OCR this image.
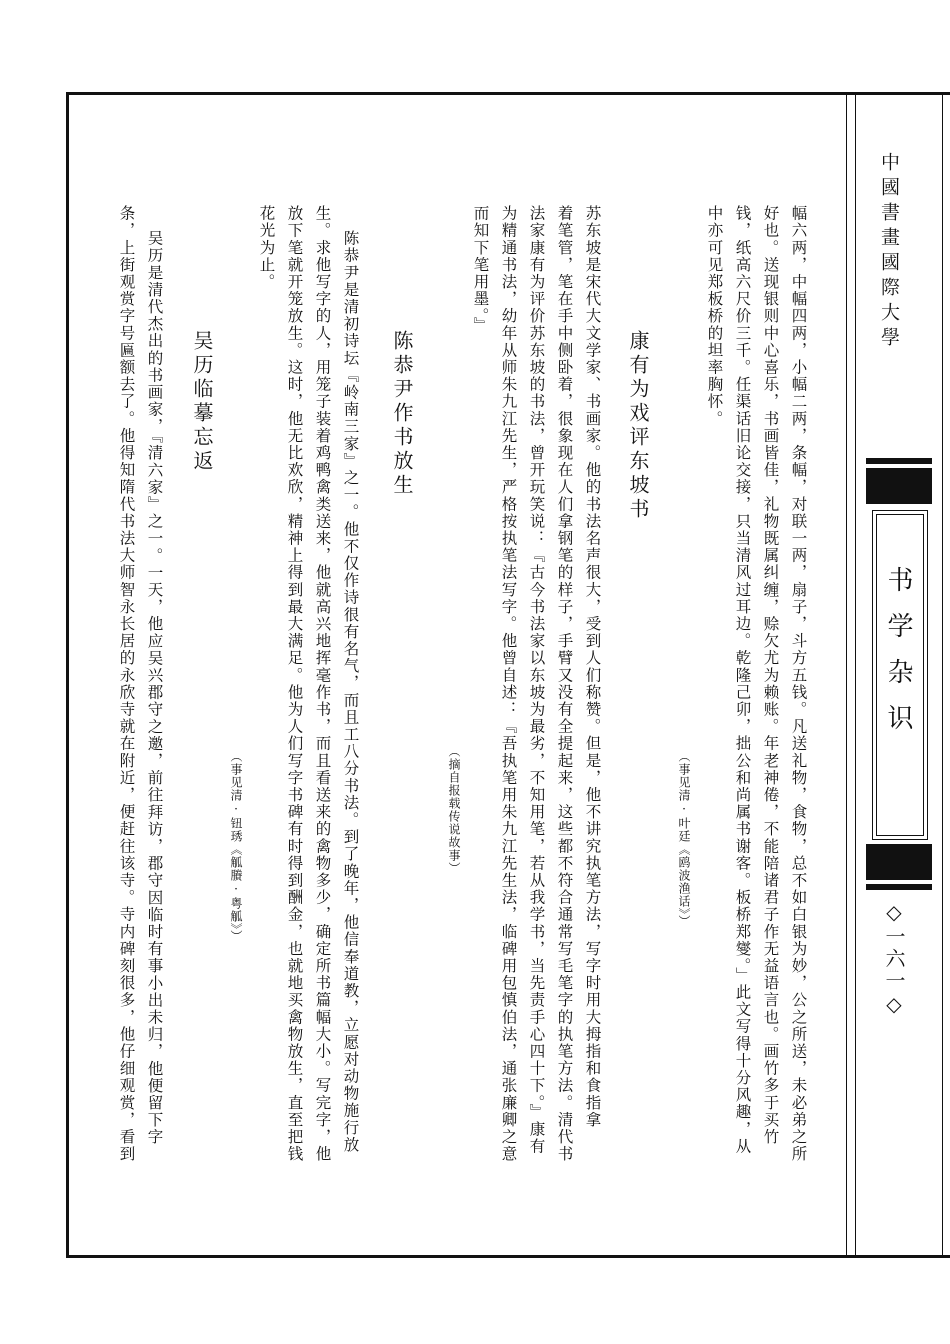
中國書畫國際大學
书学杂识
◇一六一◇
幅六两，中幅四两，小幅二两，条幅，对联一两，扇子，斗方五钱。凡送礼物，食物，总不如白银为妙，公之所送，未必弟之所
好也。送现银则中心喜乐，书画皆佳，礼物既属纠缠，赊欠尤为赖账。年老神倦，不能陪诸君子作无益语言也。画竹多于买竹
钱，纸高六尺价三千。任渠话旧论交接，只当清风过耳边。乾隆己卯，拙公和尚属书谢客。板桥郑燮。」此文写得十分风趣，从
中亦可见郑板桥的坦率胸怀。
（事见清·叶廷《鸥波渔话》）
康有为戏评东坡书
苏东坡是宋代大文学家、书画家。他的书法名声很大，受到人们称赞。但是，他不讲究执笔方法，写字时用大拇指和食指拿
着笔管，笔在手中侧卧着，很象现在人们拿钢笔的样子，手臂又没有全提起来，这些都不符合通常写毛笔字的执笔方法。清代书
法家康有为评价苏东坡的书法，曾开玩笑说：『古今书法家以东坡为最劣，不知用笔，若从我学书，当先责手心四十下。』康有
为精通书法，幼年从师朱九江先生，严格按执笔法写字。他曾自述：『吾执笔用朱九江先生法，临碑用包慎伯法，通张廉卿之意
而知下笔用墨。』
（摘自报载传说故事）
陈恭尹作书放生
陈恭尹是清初诗坛『岭南三家』之一。他不仅作诗很有名气，而且工八分书法。到了晚年，他信奉道教，立愿对动物施行放
生。求他写字的人，用笼子装着鸡鸭禽类送来，他就高兴地挥毫作书，而且看送来的禽物多少，确定所书篇幅大小。写完字，他
放下笔就开笼放生。这时，他无比欢欣，精神上得到最大满足。他为人们写字书碑有时得到酬金，也就地买禽物放生，直至把钱
花光为止。
（事见清·钮琇《觚賸·粤觚》）
吴历临摹忘返
吴历是清代杰出的书画家，『清六家』之一。一天，他应吴兴郡守之邀，前往拜访，郡守因临时有事小出未归，他便留下字
条，上街观赏字号匾额去了。他得知隋代书法大师智永长居的永欣寺就在附近，便赶往该寺。寺内碑刻很多，他仔细观赏，看到
